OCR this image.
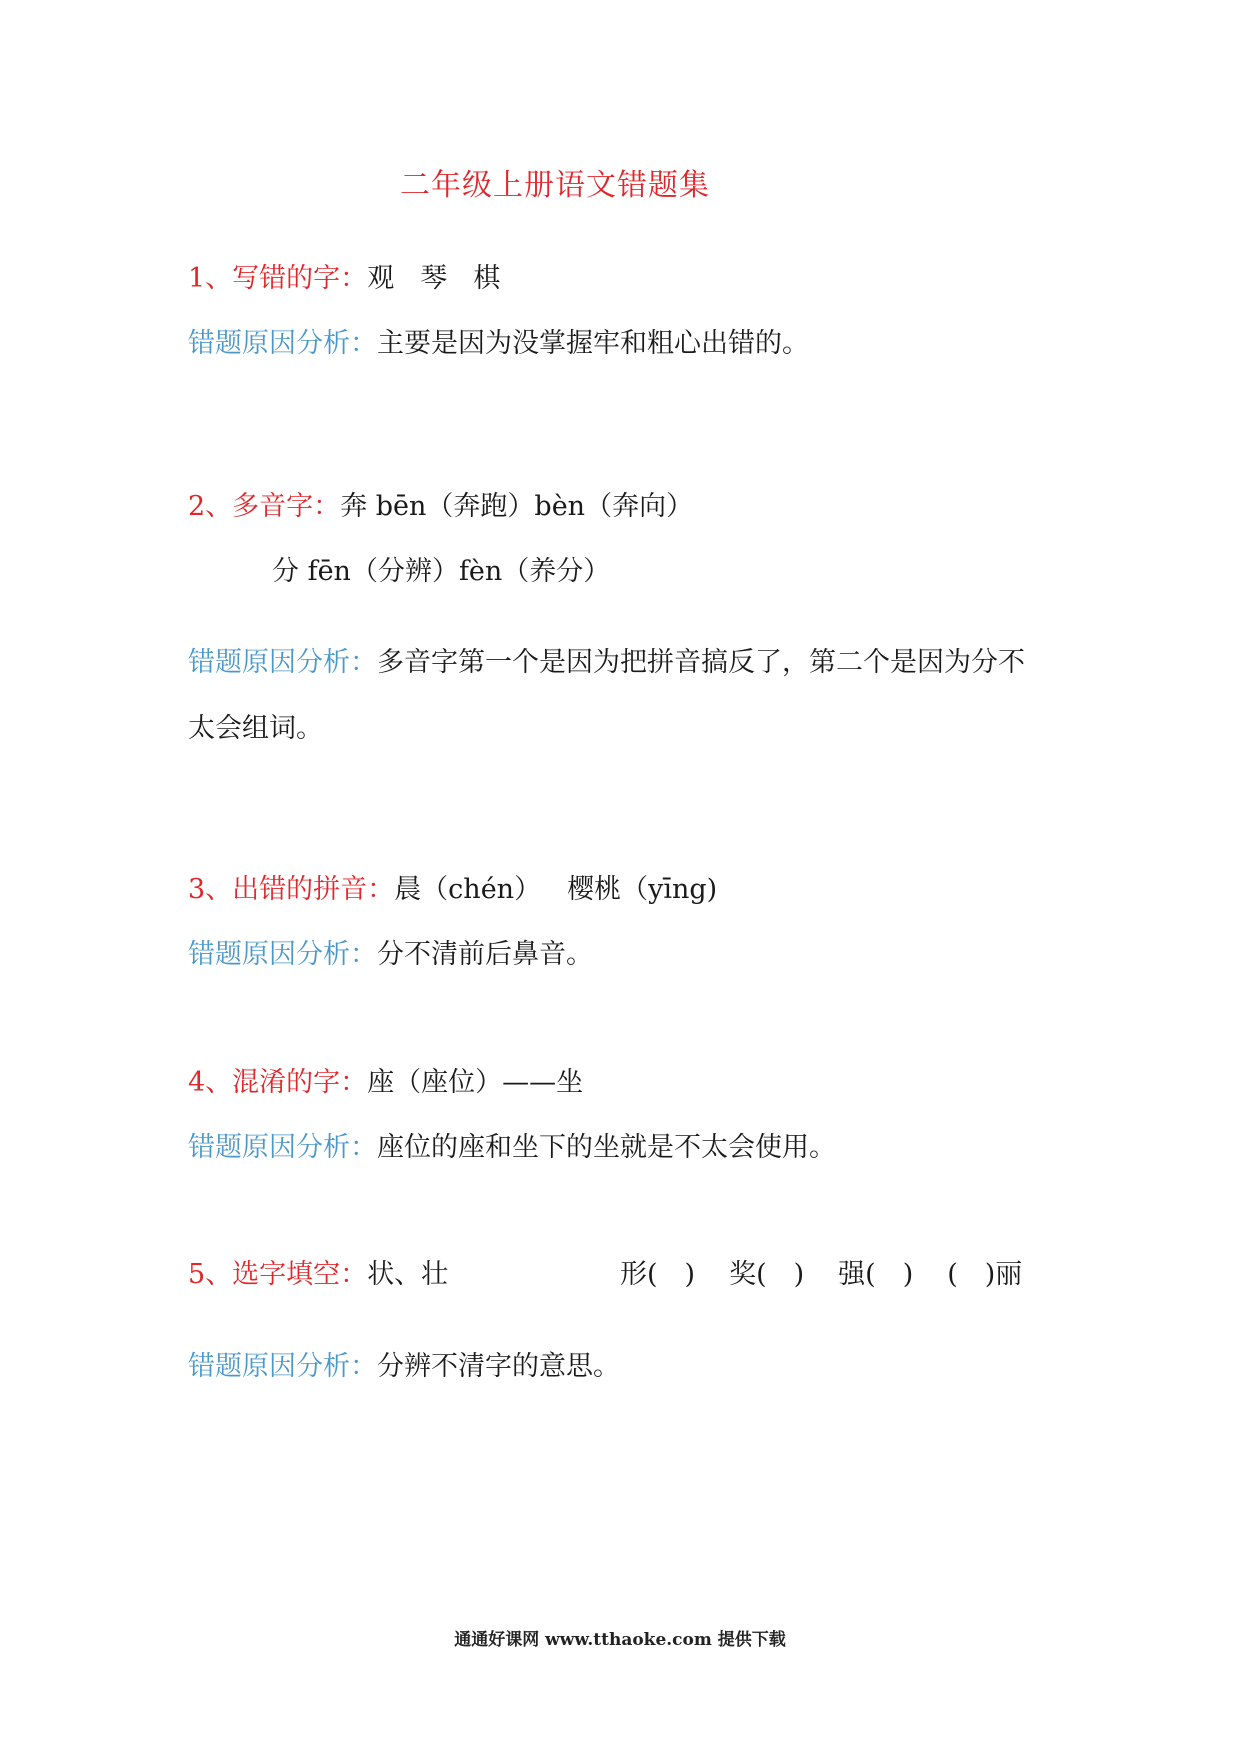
二年级上册语文错题集
1、写错的字：观 琴 棋
错题原因分析：主要是因为没掌握牢和粗心出错的。
2、多音字：奔 bēn（奔跑）bèn（奔向）
分 fēn（分辨）fèn（养分）
错题原因分析：多音字第一个是因为把拼音搞反了，第二个是因为分不
太会组词。
3、出错的拼音：晨（chén） 樱桃（yīng)
错题原因分析：分不清前后鼻音。
4、混淆的字：座（座位）——坐
错题原因分析：座位的座和坐下的坐就是不太会使用。
5、选字填空：状、壮	形(　) 奖(　) 强(　) (　)丽
错题原因分析：分辨不清字的意思。
通通好课网 www.tthaoke.com 提供下载
